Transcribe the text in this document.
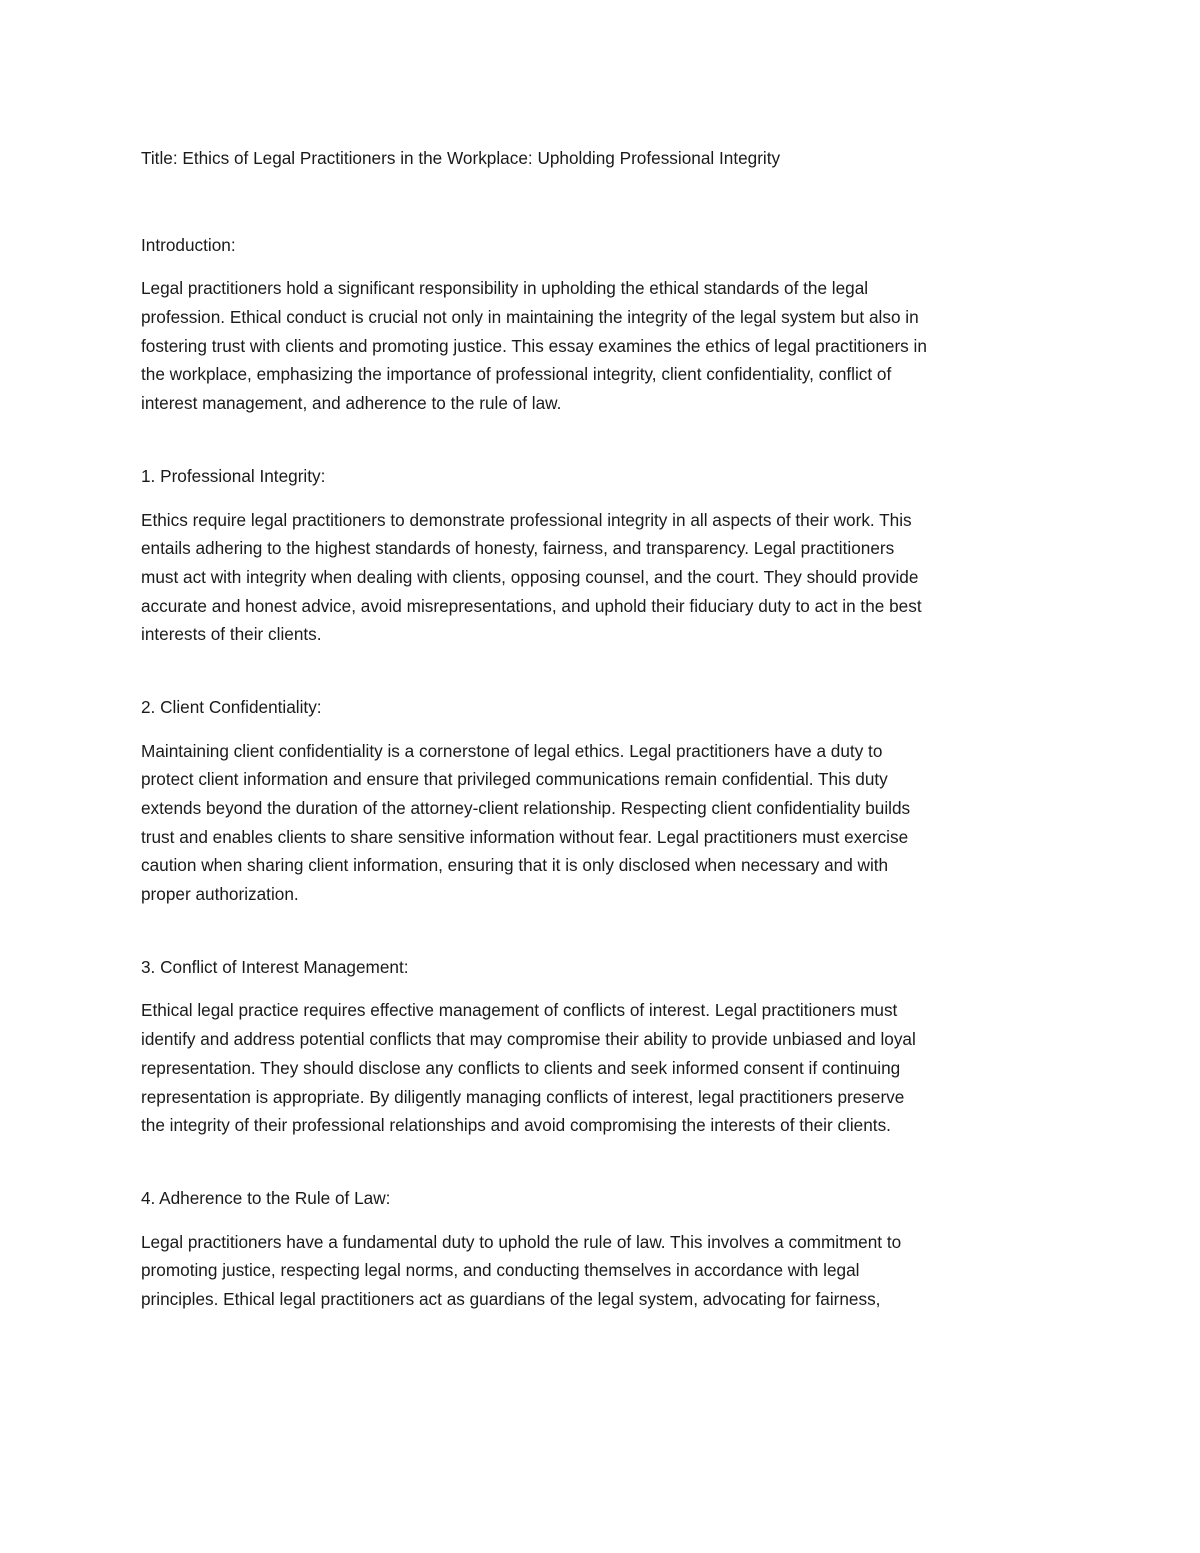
Title: Ethics of Legal Practitioners in the Workplace: Upholding Professional Integrity
Introduction:
Legal practitioners hold a significant responsibility in upholding the ethical standards of the legal
profession. Ethical conduct is crucial not only in maintaining the integrity of the legal system but also in
fostering trust with clients and promoting justice. This essay examines the ethics of legal practitioners in
the workplace, emphasizing the importance of professional integrity, client confidentiality, conflict of
interest management, and adherence to the rule of law.
1. Professional Integrity:
Ethics require legal practitioners to demonstrate professional integrity in all aspects of their work. This
entails adhering to the highest standards of honesty, fairness, and transparency. Legal practitioners
must act with integrity when dealing with clients, opposing counsel, and the court. They should provide
accurate and honest advice, avoid misrepresentations, and uphold their fiduciary duty to act in the best
interests of their clients.
2. Client Confidentiality:
Maintaining client confidentiality is a cornerstone of legal ethics. Legal practitioners have a duty to
protect client information and ensure that privileged communications remain confidential. This duty
extends beyond the duration of the attorney-client relationship. Respecting client confidentiality builds
trust and enables clients to share sensitive information without fear. Legal practitioners must exercise
caution when sharing client information, ensuring that it is only disclosed when necessary and with
proper authorization.
3. Conflict of Interest Management:
Ethical legal practice requires effective management of conflicts of interest. Legal practitioners must
identify and address potential conflicts that may compromise their ability to provide unbiased and loyal
representation. They should disclose any conflicts to clients and seek informed consent if continuing
representation is appropriate. By diligently managing conflicts of interest, legal practitioners preserve
the integrity of their professional relationships and avoid compromising the interests of their clients.
4. Adherence to the Rule of Law:
Legal practitioners have a fundamental duty to uphold the rule of law. This involves a commitment to
promoting justice, respecting legal norms, and conducting themselves in accordance with legal
principles. Ethical legal practitioners act as guardians of the legal system, advocating for fairness,
